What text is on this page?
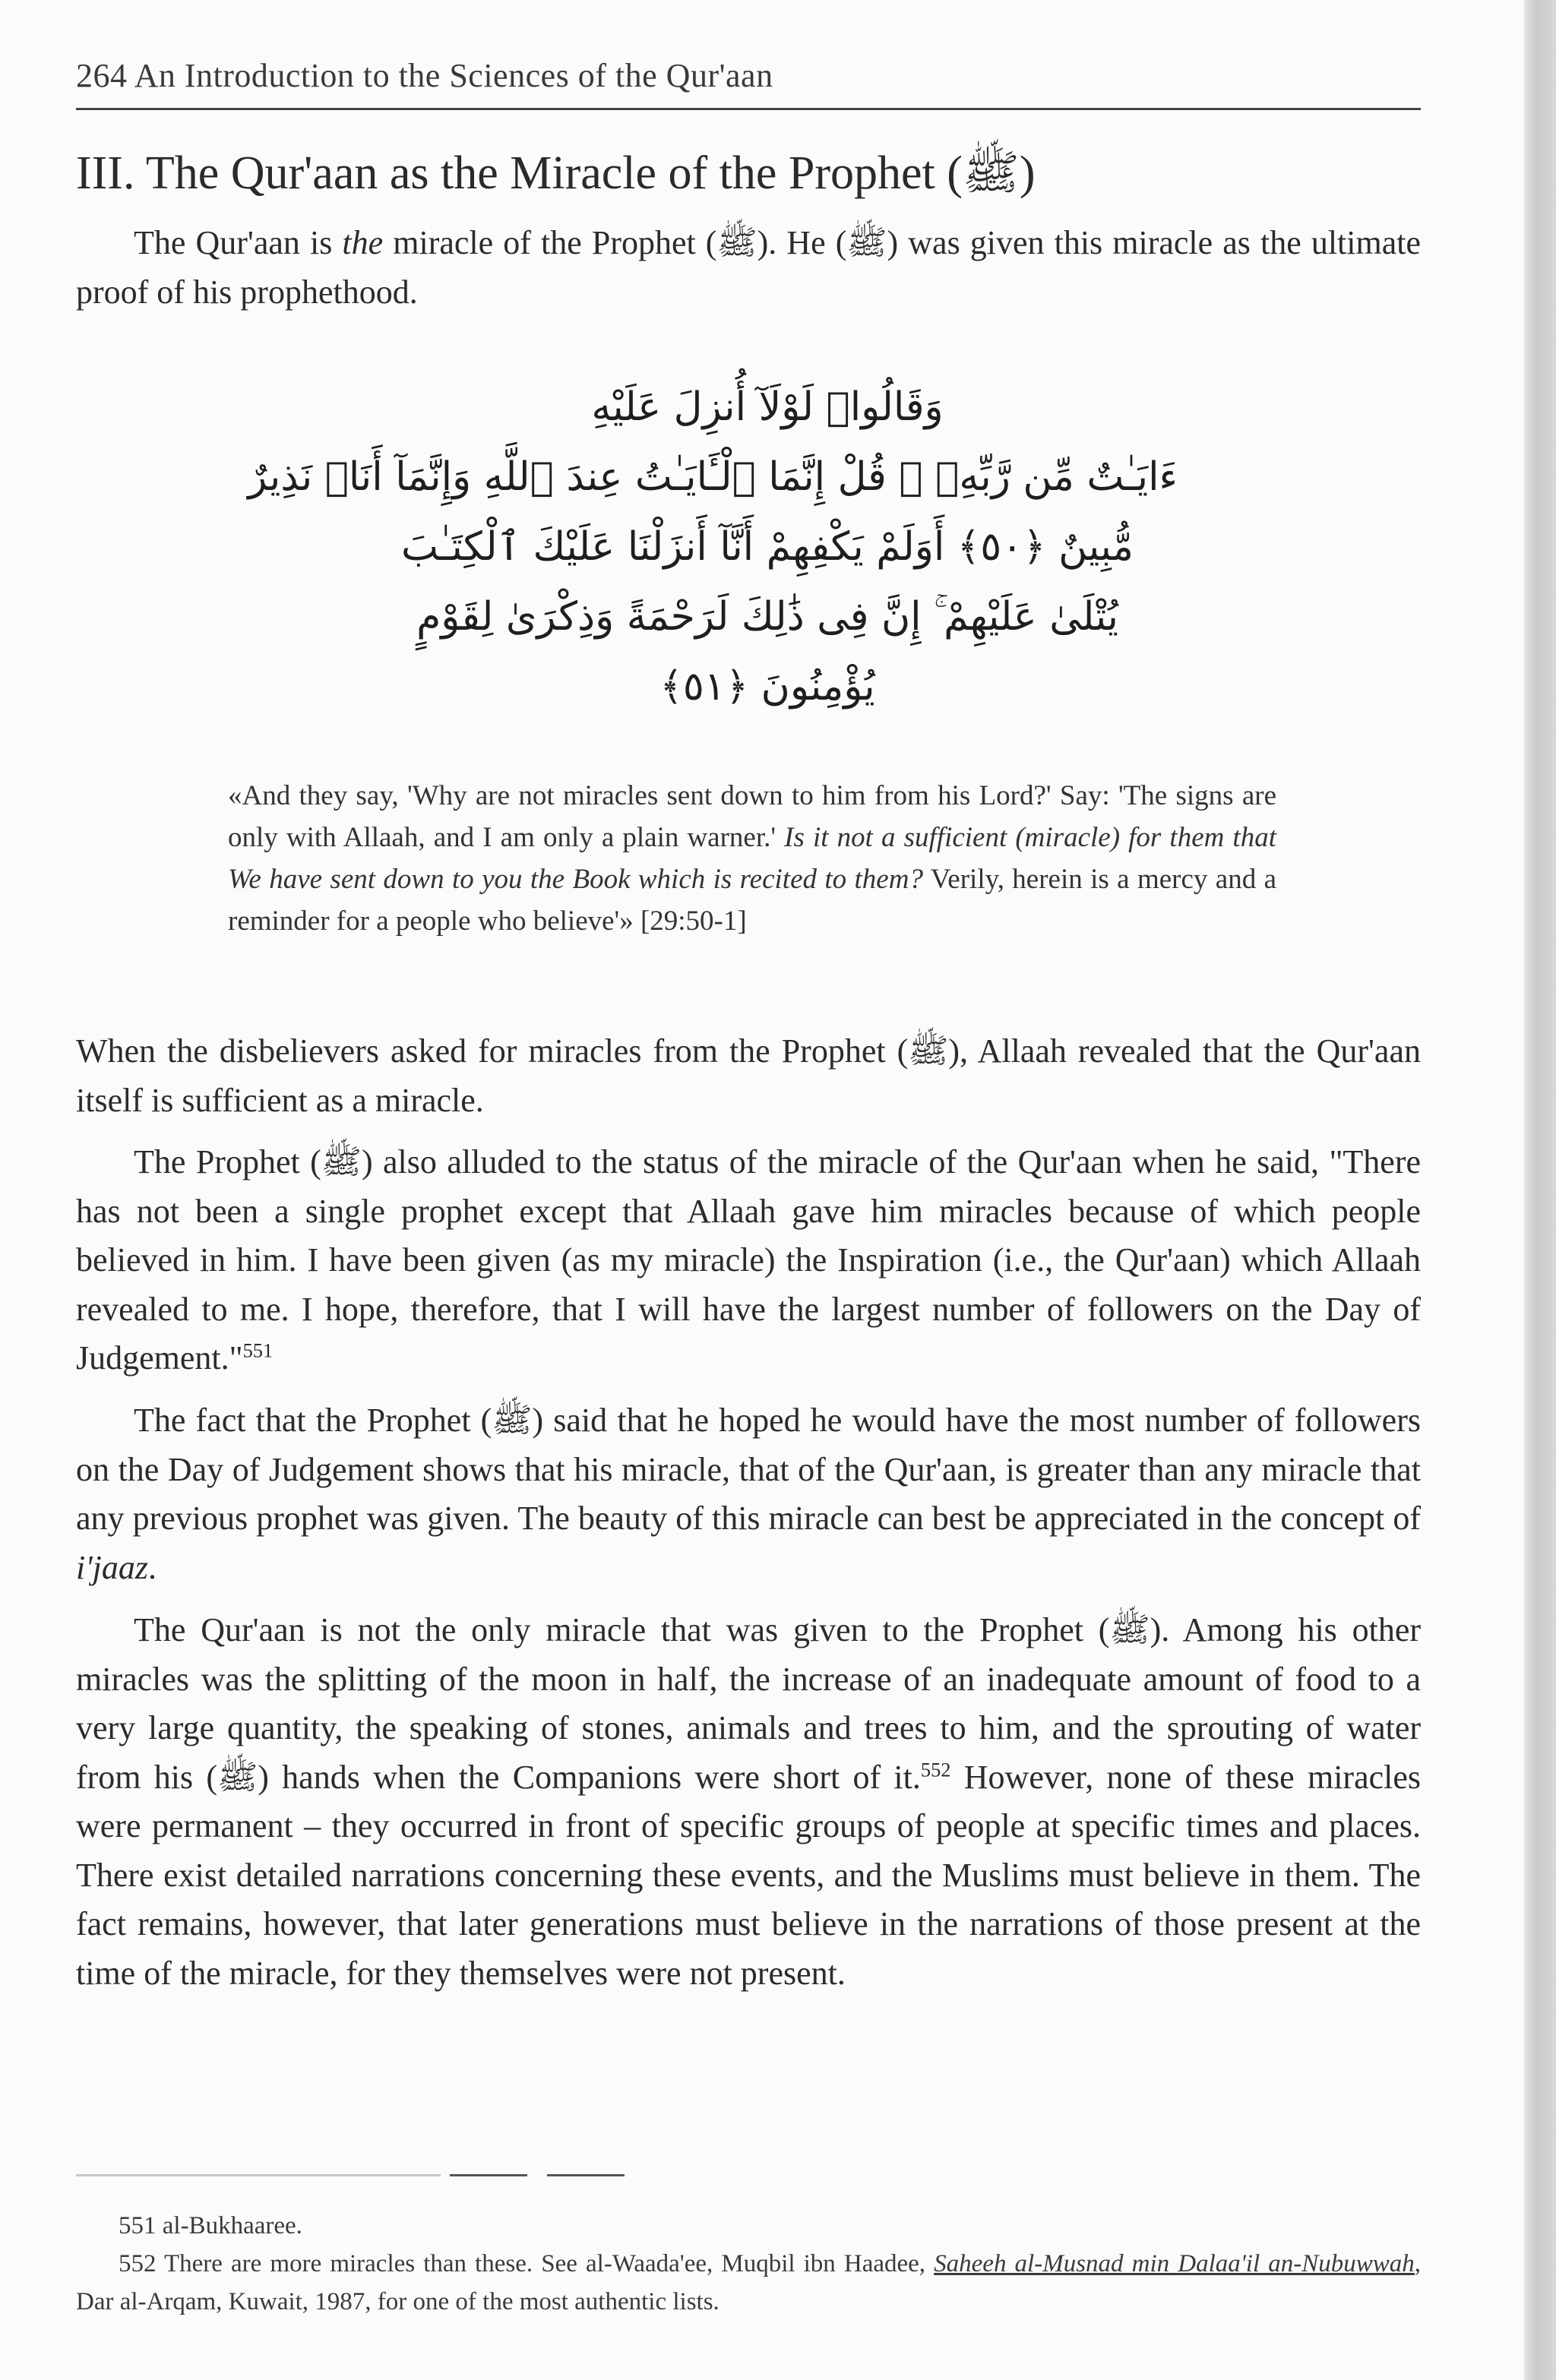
264 An Introduction to the Sciences of the Qur'aan
III. The Qur'aan as the Miracle of the Prophet (ﷺ)
The Qur'aan is the miracle of the Prophet (ﷺ). He (ﷺ) was given this miracle as the ultimate proof of his prophethood.
وَقَالُوا۟ لَوْلَآ أُنزِلَ عَلَيْهِ
ءَايَـٰتٌ مِّن رَّبِّهِۦ ۖ قُلْ إِنَّمَا ٱلْـَٔايَـٰتُ عِندَ ٱللَّهِ وَإِنَّمَآ أَنَا۠ نَذِيرٌ
مُّبِينٌ ﴿٥٠﴾ أَوَلَمْ يَكْفِهِمْ أَنَّآ أَنزَلْنَا عَلَيْكَ ٱلْكِتَـٰبَ
يُتْلَىٰ عَلَيْهِمْ ۚ إِنَّ فِى ذَٰلِكَ لَرَحْمَةً وَذِكْرَىٰ لِقَوْمٍ
يُؤْمِنُونَ ﴿٥١﴾
«And they say, 'Why are not miracles sent down to him from his Lord?' Say: 'The signs are only with Allaah, and I am only a plain warner.' Is it not a sufficient (miracle) for them that We have sent down to you the Book which is recited to them? Verily, herein is a mercy and a reminder for a people who believe'» [29:50-1]
When the disbelievers asked for miracles from the Prophet (ﷺ), Allaah revealed that the Qur'aan itself is sufficient as a miracle.
The Prophet (ﷺ) also alluded to the status of the miracle of the Qur'aan when he said, "There has not been a single prophet except that Allaah gave him miracles because of which people believed in him. I have been given (as my miracle) the Inspiration (i.e., the Qur'aan) which Allaah revealed to me. I hope, therefore, that I will have the largest number of followers on the Day of Judgement."$^{551}$
The fact that the Prophet (ﷺ) said that he hoped he would have the most number of followers on the Day of Judgement shows that his miracle, that of the Qur'aan, is greater than any miracle that any previous prophet was given. The beauty of this miracle can best be appreciated in the concept of i'jaaz.
The Qur'aan is not the only miracle that was given to the Prophet (ﷺ). Among his other miracles was the splitting of the moon in half, the increase of an inadequate amount of food to a very large quantity, the speaking of stones, animals and trees to him, and the sprouting of water from his (ﷺ) hands when the Companions were short of it.$^{552}$ However, none of these miracles were permanent – they occurred in front of specific groups of people at specific times and places. There exist detailed narrations concerning these events, and the Muslims must believe in them. The fact remains, however, that later generations must believe in the narrations of those present at the time of the miracle, for they themselves were not present.
551 al-Bukhaaree.
552 There are more miracles than these. See al-Waada'ee, Muqbil ibn Haadee, Saheeh al-Musnad min Dalaa'il an-Nubuwwah, Dar al-Arqam, Kuwait, 1987, for one of the most authentic lists.
